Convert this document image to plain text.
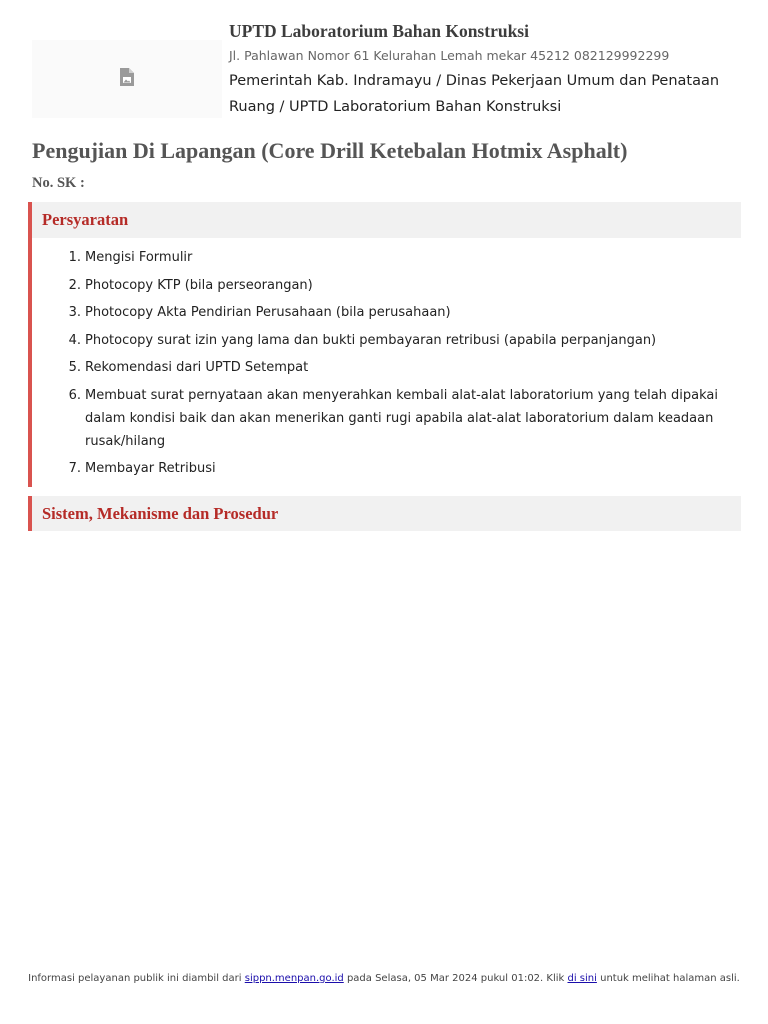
UPTD Laboratorium Bahan Konstruksi
Jl. Pahlawan Nomor 61 Kelurahan Lemah mekar 45212 082129992299
Pemerintah Kab. Indramayu / Dinas Pekerjaan Umum dan Penataan Ruang / UPTD Laboratorium Bahan Konstruksi
Pengujian Di Lapangan (Core Drill Ketebalan Hotmix Asphalt)
No. SK :
Persyaratan
1. Mengisi Formulir
2. Photocopy KTP (bila perseorangan)
3. Photocopy Akta Pendirian Perusahaan (bila perusahaan)
4. Photocopy surat izin yang lama dan bukti pembayaran retribusi (apabila perpanjangan)
5. Rekomendasi dari UPTD Setempat
6. Membuat surat pernyataan akan menyerahkan kembali alat-alat laboratorium yang telah dipakai dalam kondisi baik dan akan menerikan ganti rugi apabila alat-alat laboratorium dalam keadaan rusak/hilang
7. Membayar Retribusi
Sistem, Mekanisme dan Prosedur
Informasi pelayanan publik ini diambil dari sippn.menpan.go.id pada Selasa, 05 Mar 2024 pukul 01:02. Klik di sini untuk melihat halaman asli.
